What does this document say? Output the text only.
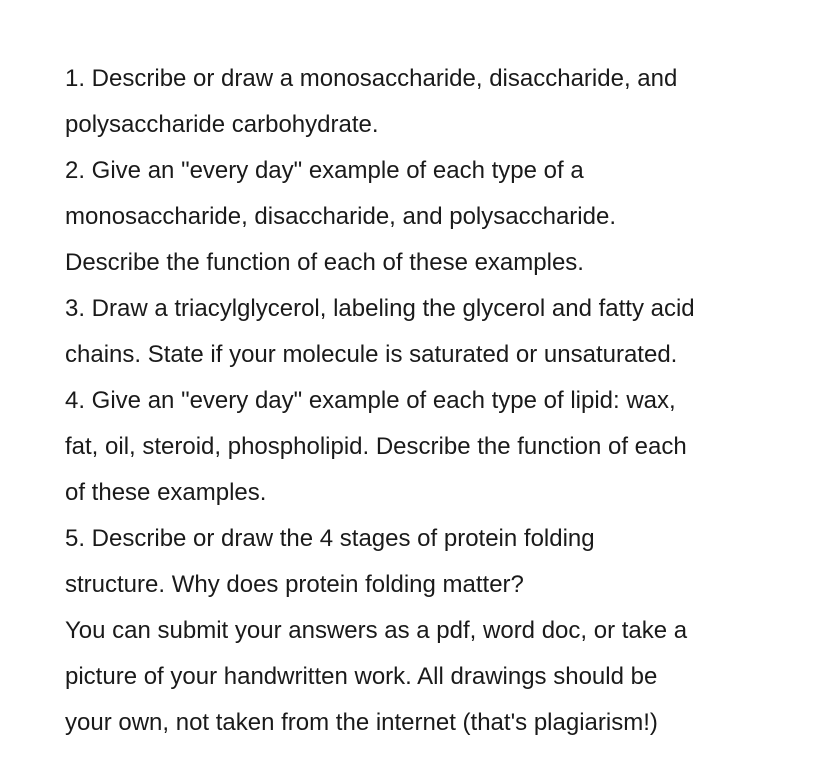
1. Describe or draw a monosaccharide, disaccharide, and
polysaccharide carbohydrate.
2. Give an "every day" example of each type of a
monosaccharide, disaccharide, and polysaccharide.
Describe the function of each of these examples.
3. Draw a triacylglycerol, labeling the glycerol and fatty acid
chains. State if your molecule is saturated or unsaturated.
4. Give an "every day" example of each type of lipid: wax,
fat, oil, steroid, phospholipid. Describe the function of each
of these examples.
5. Describe or draw the 4 stages of protein folding
structure. Why does protein folding matter?
You can submit your answers as a pdf, word doc, or take a
picture of your handwritten work. All drawings should be
your own, not taken from the internet (that's plagiarism!)
